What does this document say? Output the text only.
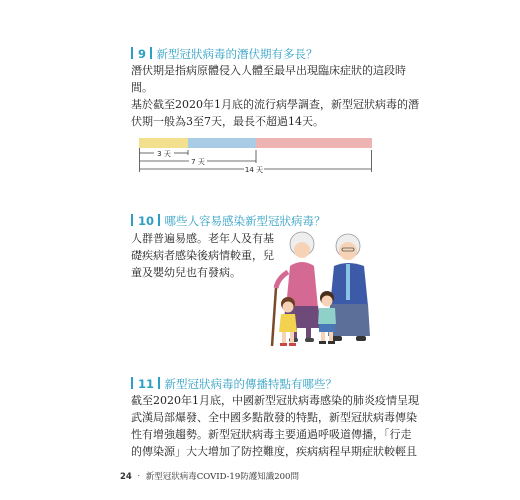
9 新型冠狀病毒的潛伏期有多長？
潛伏期是指病原體侵入人體至最早出現臨床症狀的這段時
間。
基於截至2020年1月底的流行病學調查，新型冠狀病毒的潛
伏期一般為3至7天，最長不超過14天。
3 天
7 天
14 天
10 哪些人容易感染新型冠狀病毒？
人群普遍易感。老年人及有基
礎疾病者感染後病情較重，兒
童及嬰幼兒也有發病。
11 新型冠狀病毒的傳播特點有哪些？
截至2020年1月底，中國新型冠狀病毒感染的肺炎疫情呈現
武漢局部爆發、全中國多點散發的特點，新型冠狀病毒傳染
性有增強趨勢。新型冠狀病毒主要通過呼吸道傳播，「行走
的傳染源」大大增加了防控難度，疾病病程早期症狀較輕且
24 ‧ 新型冠狀病毒COVID-19防護知識200問
